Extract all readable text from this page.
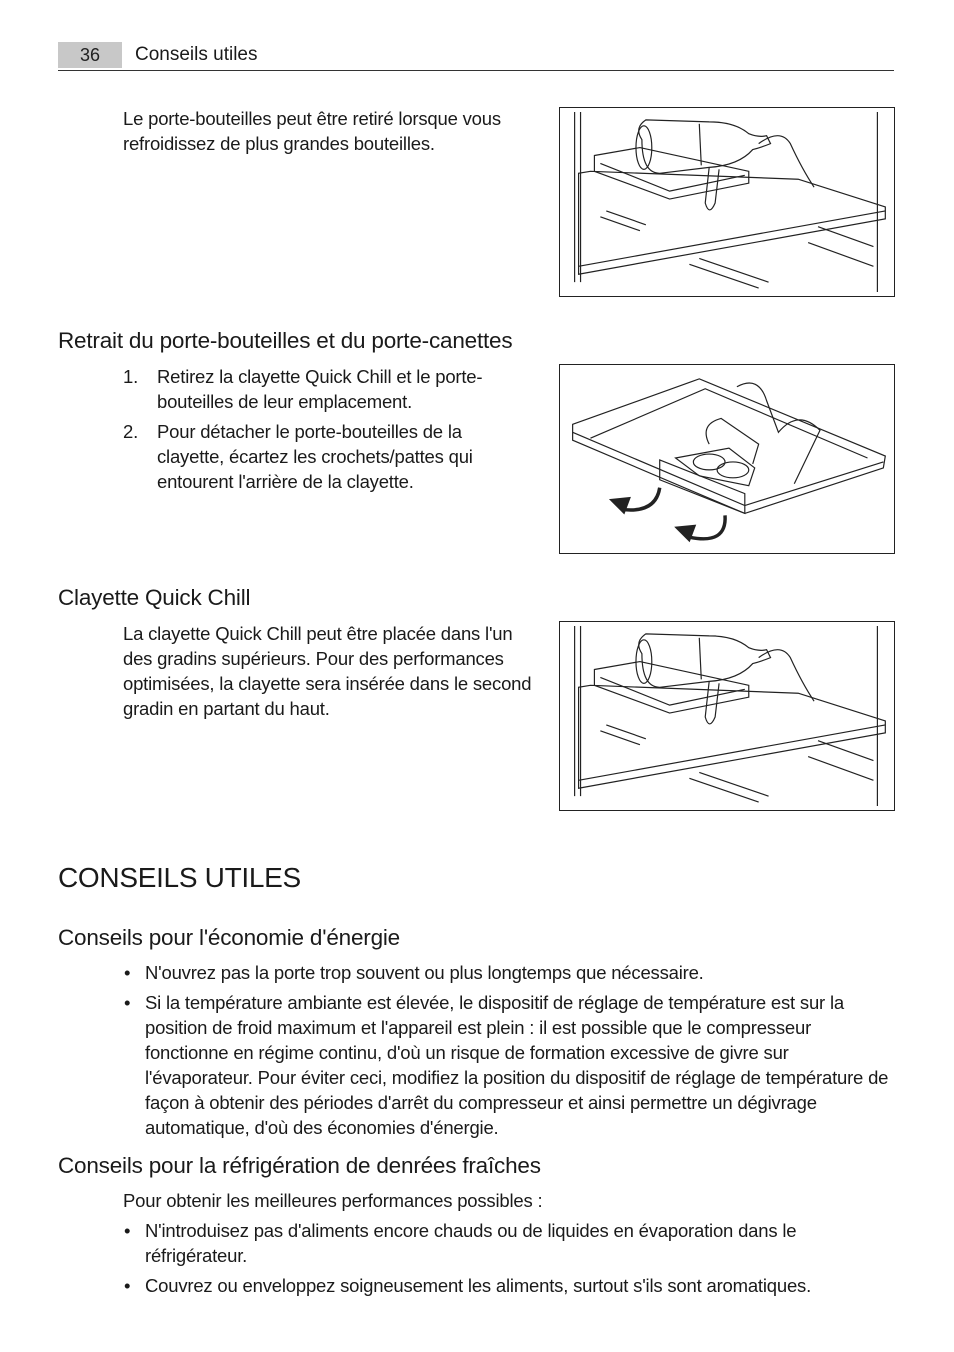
36 Conseils utiles
Le porte-bouteilles peut être retiré lorsque vous refroidissez de plus grandes bouteilles.
Retrait du porte-bouteilles et du porte-canettes
1. Retirez la clayette Quick Chill et le porte-bouteilles de leur emplacement.
2. Pour détacher le porte-bouteilles de la clayette, écartez les crochets/pattes qui entourent l'arrière de la clayette.
Clayette Quick Chill
La clayette Quick Chill peut être placée dans l'un des gradins supérieurs. Pour des performances optimisées, la clayette sera insérée dans le second gradin en partant du haut.
CONSEILS UTILES
Conseils pour l'économie d'énergie
• N'ouvrez pas la porte trop souvent ou plus longtemps que nécessaire.
• Si la température ambiante est élevée, le dispositif de réglage de température est sur la position de froid maximum et l'appareil est plein : il est possible que le compresseur fonctionne en régime continu, d'où un risque de formation excessive de givre sur l'évaporateur. Pour éviter ceci, modifiez la position du dispositif de réglage de température de façon à obtenir des périodes d'arrêt du compresseur et ainsi permettre un dégivrage automatique, d'où des économies d'énergie.
Conseils pour la réfrigération de denrées fraîches
Pour obtenir les meilleures performances possibles :
• N'introduisez pas d'aliments encore chauds ou de liquides en évaporation dans le réfrigérateur.
• Couvrez ou enveloppez soigneusement les aliments, surtout s'ils sont aromatiques.
